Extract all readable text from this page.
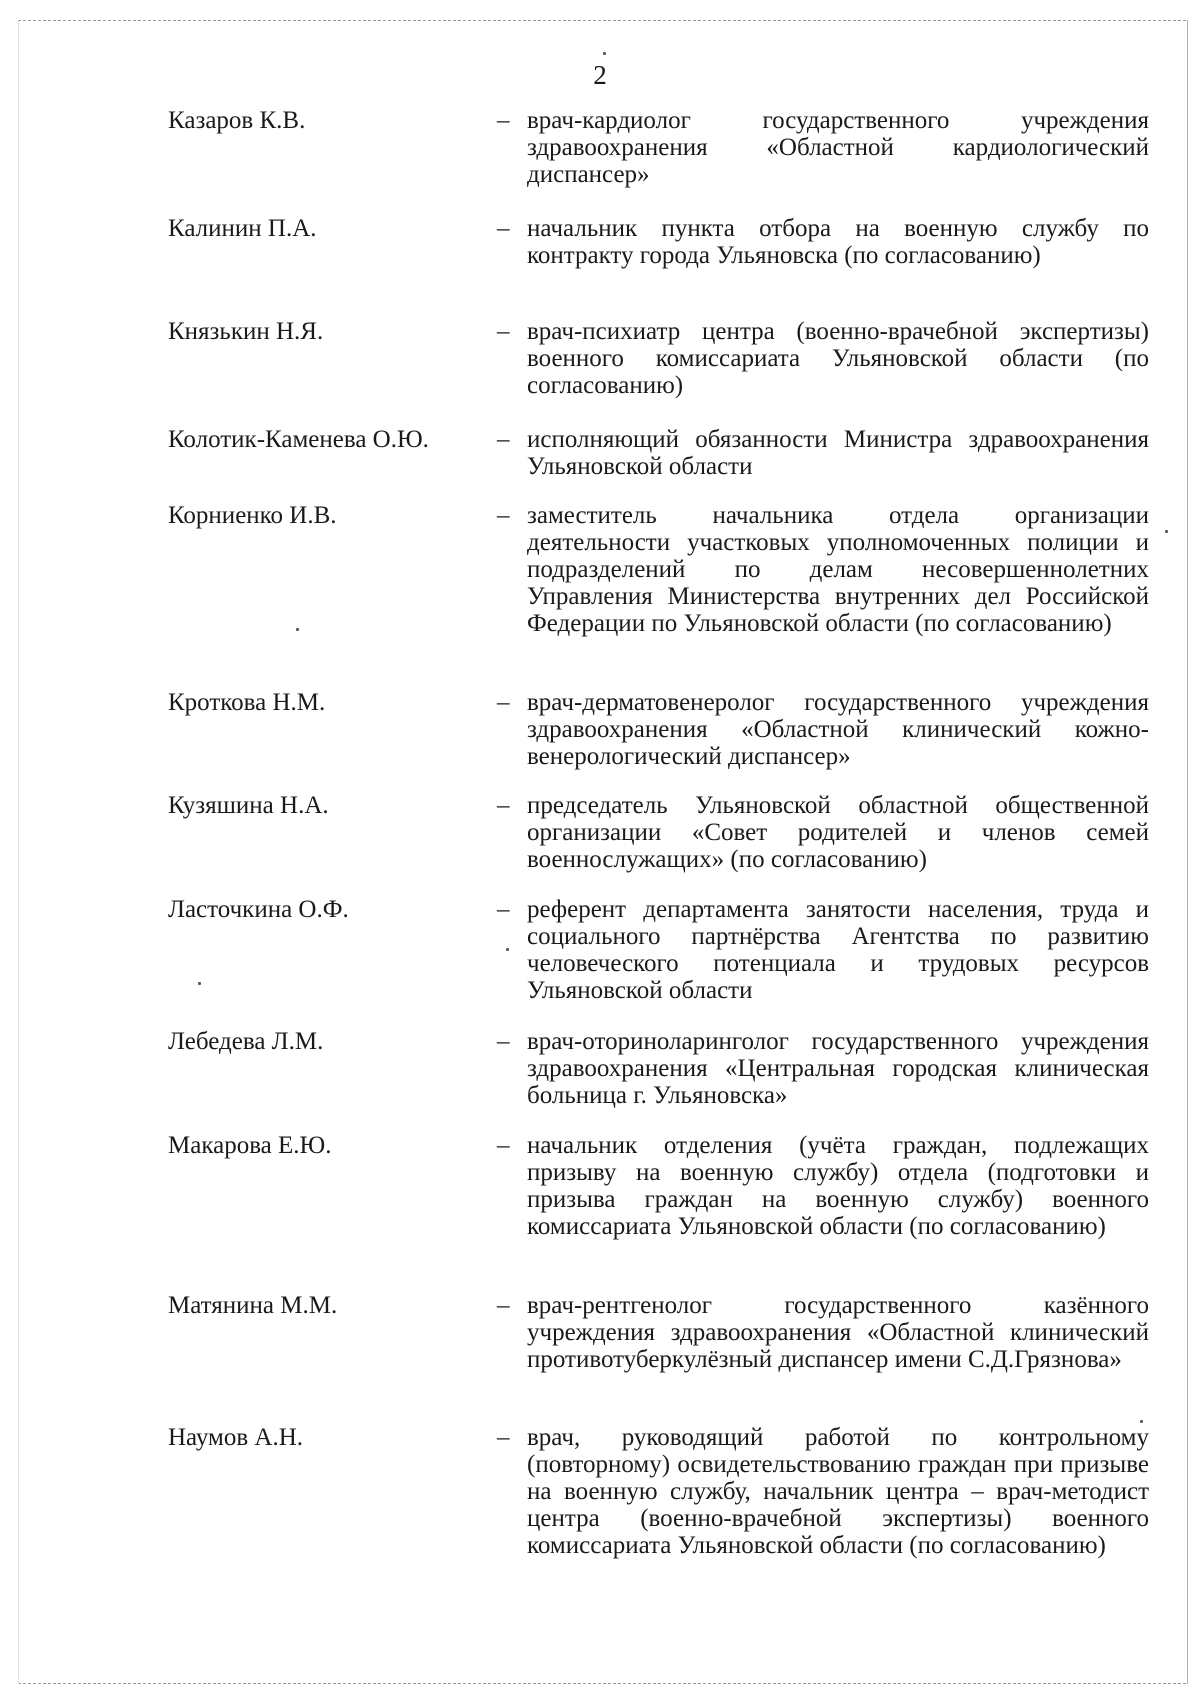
2
Казаров К.В.	– врач-кардиолог государственного учреждения здравоохранения «Областной кардиологический диспансер»
Калинин П.А.	– начальник пункта отбора на военную службу по контракту города Ульяновска (по согласованию)
Князькин Н.Я.	– врач-психиатр центра (военно-врачебной экспертизы) военного комиссариата Ульяновской области (по согласованию)
Колотик-Каменева О.Ю.	– исполняющий обязанности Министра здравоохранения Ульяновской области
Корниенко И.В.	– заместитель начальника отдела организации деятельности участковых уполномоченных полиции и подразделений по делам несовершеннолетних Управления Министерства внутренних дел Российской Федерации по Ульяновской области (по согласованию)
Кроткова Н.М.	– врач-дерматовенеролог государственного учреждения здравоохранения «Областной клинический кожно-венерологический диспансер»
Кузяшина Н.А.	– председатель Ульяновской областной общественной организации «Совет родителей и членов семей военнослужащих» (по согласованию)
Ласточкина О.Ф.	– референт департамента занятости населения, труда и социального партнёрства Агентства по развитию человеческого потенциала и трудовых ресурсов Ульяновской области
Лебедева Л.М.	– врач-оториноларинголог государственного учреждения здравоохранения «Центральная городская клиническая больница г. Ульяновска»
Макарова Е.Ю.	– начальник отделения (учёта граждан, подлежащих призыву на военную службу) отдела (подготовки и призыва граждан на военную службу) военного комиссариата Ульяновской области (по согласованию)
Матянина М.М.	– врач-рентгенолог государственного казённого учреждения здравоохранения «Областной клинический противотуберкулёзный диспансер имени С.Д.Грязнова»
Наумов А.Н.	– врач, руководящий работой по контрольному (повторному) освидетельствованию граждан при призыве на военную службу, начальник центра – врач-методист центра (военно-врачебной экспертизы) военного комиссариата Ульяновской области (по согласованию)
